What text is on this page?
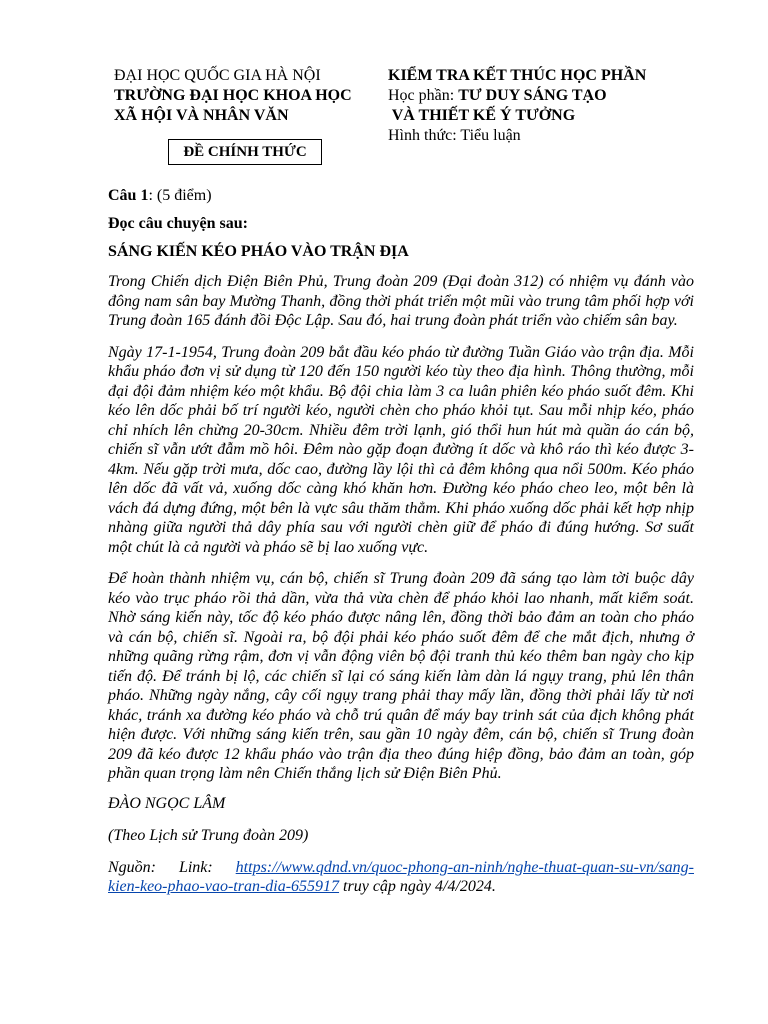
ĐẠI HỌC QUỐC GIA HÀ NỘI
TRƯỜNG ĐẠI HỌC KHOA HỌC
XÃ HỘI VÀ NHÂN VĂN
ĐỀ CHÍNH THỨC
KIỂM TRA KẾT THÚC HỌC PHẦN
Học phần: TƯ DUY SÁNG TẠO
VÀ THIẾT KẾ Ý TƯỞNG
Hình thức: Tiểu luận

Câu 1: (5 điểm)

Đọc câu chuyện sau:

SÁNG KIẾN KÉO PHÁO VÀO TRẬN ĐỊA

Trong Chiến dịch Điện Biên Phủ, Trung đoàn 209 (Đại đoàn 312) có nhiệm vụ đánh vào đông nam sân bay Mường Thanh, đồng thời phát triển một mũi vào trung tâm phối hợp với Trung đoàn 165 đánh đồi Độc Lập. Sau đó, hai trung đoàn phát triển vào chiếm sân bay.

Ngày 17-1-1954, Trung đoàn 209 bắt đầu kéo pháo từ đường Tuần Giáo vào trận địa. Mỗi khẩu pháo đơn vị sử dụng từ 120 đến 150 người kéo tùy theo địa hình. Thông thường, mỗi đại đội đảm nhiệm kéo một khẩu. Bộ đội chia làm 3 ca luân phiên kéo pháo suốt đêm. Khi kéo lên dốc phải bố trí người kéo, người chèn cho pháo khỏi tụt. Sau mỗi nhịp kéo, pháo chỉ nhích lên chừng 20-30cm. Nhiều đêm trời lạnh, gió thổi hun hút mà quần áo cán bộ, chiến sĩ vẫn ướt đẫm mồ hôi. Đêm nào gặp đoạn đường ít dốc và khô ráo thì kéo được 3-4km. Nếu gặp trời mưa, dốc cao, đường lầy lội thì cả đêm không qua nổi 500m. Kéo pháo lên dốc đã vất vả, xuống dốc càng khó khăn hơn. Đường kéo pháo cheo leo, một bên là vách đá dựng đứng, một bên là vực sâu thăm thẳm. Khi pháo xuống dốc phải kết hợp nhịp nhàng giữa người thả dây phía sau với người chèn giữ để pháo đi đúng hướng. Sơ suất một chút là cả người và pháo sẽ bị lao xuống vực.

Để hoàn thành nhiệm vụ, cán bộ, chiến sĩ Trung đoàn 209 đã sáng tạo làm tời buộc dây kéo vào trục pháo rồi thả dần, vừa thả vừa chèn để pháo khỏi lao nhanh, mất kiểm soát. Nhờ sáng kiến này, tốc độ kéo pháo được nâng lên, đồng thời bảo đảm an toàn cho pháo và cán bộ, chiến sĩ. Ngoài ra, bộ đội phải kéo pháo suốt đêm để che mắt địch, nhưng ở những quãng rừng rậm, đơn vị vẫn động viên bộ đội tranh thủ kéo thêm ban ngày cho kịp tiến độ. Để tránh bị lộ, các chiến sĩ lại có sáng kiến làm dàn lá ngụy trang, phủ lên thân pháo. Những ngày nắng, cây cối ngụy trang phải thay mấy lần, đồng thời phải lấy từ nơi khác, tránh xa đường kéo pháo và chỗ trú quân để máy bay trinh sát của địch không phát hiện được. Với những sáng kiến trên, sau gần 10 ngày đêm, cán bộ, chiến sĩ Trung đoàn 209 đã kéo được 12 khẩu pháo vào trận địa theo đúng hiệp đồng, bảo đảm an toàn, góp phần quan trọng làm nên Chiến thắng lịch sử Điện Biên Phủ.

ĐÀO NGỌC LÂM

(Theo Lịch sử Trung đoàn 209)

Nguồn:  Link:  https://www.qdnd.vn/quoc-phong-an-ninh/nghe-thuat-quan-su-vn/sang-kien-keo-phao-vao-tran-dia-655917 truy cập ngày 4/4/2024.
